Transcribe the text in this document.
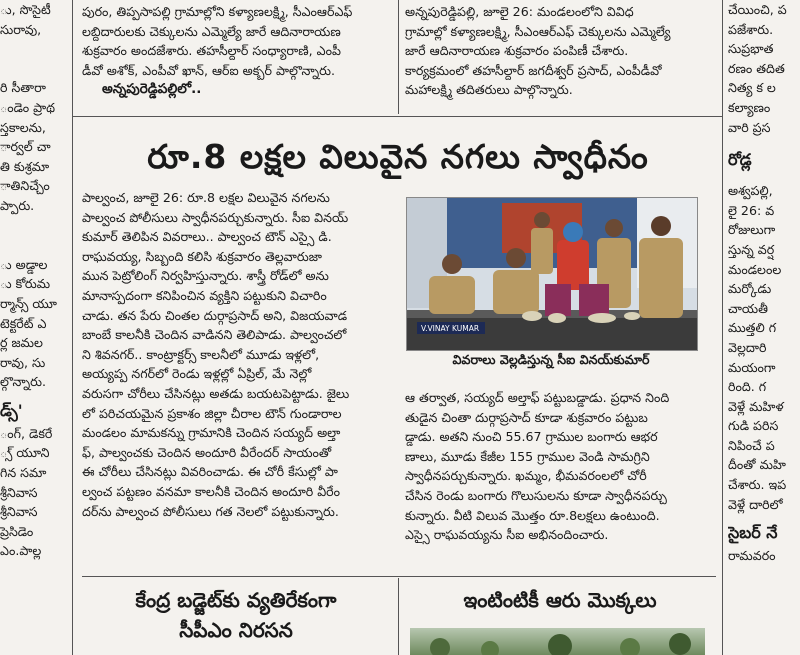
ు, సొసైటీ
సురావు,

రి సీతారా
ండెం ప్రాథ
స్తకాలను,
ార్వల్ చా
తి కుశ్రమా
ాతినిచ్చేం
ప్పారు.

ు అడ్డాల
ు కోరుమ
ర్మాన్స్ యూ
టెక్టరేట్ ఎ
ర్ల జమల
రావు, సు
ల్గొన్నారు.
డ్స్'
ంగ్, డెకరే
్స్ యూని
గిన సమా
శ్రీనివాస
శ్రీనివాస
ప్రెసిడెం
ఎం.పాల్ల
పురం, తిప్పసాపల్లి గ్రామాల్లోని కళ్యాణలక్ష్మి, సీఎంఆర్ఎఫ్
లబ్దిదారులకు చెక్కులను ఎమ్మెల్యే జారే ఆదినారాయణ
శుక్రవారం అందజేశారు. తహసీల్దార్ సంధ్యారాణి, ఎంపీ
డీవో అశోక్, ఎంపీవో ఖాన్, ఆర్ఐ అక్బర్ పాల్గొన్నారు.
అన్నపురెడ్డిపల్లిలో..
అన్నపురెడ్డిపల్లి, జూలై 26: మండలంలోని వివిధ
గ్రామాల్లో కళ్యాణలక్ష్మి, సీఎంఆర్ఎఫ్ చెక్కులను ఎమ్మెల్యే
జారే ఆదినారాయణ శుక్రవారం పంపిణీ చేశారు.
కార్యక్రమంలో తహసీల్దార్ జగదీశ్వర్ ప్రసాద్, ఎంపీడీవో
మహాలక్ష్మి తదితరులు పాల్గొన్నారు.
రూ.8 లక్షల విలువైన నగలు స్వాధీనం
పాల్వంచ, జూలై 26: రూ.8 లక్షల విలువైన నగలను
పాల్వంచ పోలీసులు స్వాధీనపర్చుకున్నారు. సీఐ వినయ్
కుమార్ తెలిపిన వివరాలు.. పాల్వంచ టౌన్ ఎస్సై డి.
రాఘవయ్య, సిబ్బంది కలిసి శుక్రవారం తెల్లవారుజా
మున పెట్రోలింగ్ నిర్వహిస్తున్నారు. శాస్త్రీ రోడ్‌లో అను
మానాస్పదంగా కనిపించిన వ్యక్తిని పట్టుకుని విచారిం
చాడు. తన పేరు చింతల దుర్గాప్రసాద్ అని, విజయవాడ
బాంబే కాలనీకి చెందిన వాడినని తెలిపాడు. పాల్వంచలో
ని శివనగర్.. కాంట్రాక్టర్స్ కాలనీలో మూడు ఇళ్లలో,
అయ్యప్ప నగర్‌లో రెండు ఇళ్లల్లో ఏప్రిల్, మే నెల్లో
వరుసగా చోరీలు చేసినట్లు అతడు బయటపెట్టాడు. జైలు
లో పరిచయమైన ప్రకాశం జిల్లా చీరాల టౌన్ గుండారాల
మండలం మామకన్ను గ్రామానికి చెందిన సయ్యద్ అల్తా
ఫ్, పాల్వంచకు చెందిన అందూరి వీరేందర్ సాయంతో
ఈ చోరీలు చేసినట్లు వివరించాడు. ఈ చోరీ కేసుల్లో పా
ల్వంచ పట్టణం వనమా కాలనీకి చెందిన అందూరి వీరేం
దర్‌ను పాల్వంచ పోలీసులు గత నెలలో పట్టుకున్నారు.
V.VINAY KUMAR
వివరాలు వెల్లడిస్తున్న సీఐ వినయ్‌కుమార్
ఆ తర్వాత, సయ్యద్ అల్తాఫ్ పట్టుబడ్డాడు. ప్రధాన నింది
తుడైన చింతా దుర్గాప్రసాద్ కూడా శుక్రవారం పట్టుబ
డ్డాడు. అతని నుంచి 55.67 గ్రాముల బంగారు ఆభర
ణాలు, మూడు కేజీల 155 గ్రాముల వెండి సామగ్రిని
స్వాధీనపర్చుకున్నారు. ఖమ్మం, భీమవరంలలో చోరీ
చేసిన రెండు బంగారు గొలుసులను కూడా స్వాధీనపర్చు
కున్నారు. వీటి విలువ మొత్తం రూ.8లక్షలు ఉంటుంది.
ఎస్సై రాఘవయ్యను సీఐ అభినందించారు.
కేంద్ర బడ్జెట్‌కు వ్యతిరేకంగా
సీపీఎం నిరసన
ఇంటింటికీ ఆరు మొక్కలు
చేయించి, ప
పజేశారు.
సుప్రభాత
రణం తదిత
నిత్య క ల
కల్యాణం
వారి ప్రస
రోడ్ల
అశ్వపల్లి,
లై 26: వ
రోజులుగా
స్తున్న వర్ష
మండలంల
మర్కోడు
చాయతీ
ముత్తలి గ
వెల్లదారి
మయంగా
రింది. గ
వెళ్లే మహిళ
గుడి పరిస
నిపించే ప
దీంతో మహి
చేశారు. ఇప
వెళ్లే దారిలో
సైబర్ నే
రామవరం
